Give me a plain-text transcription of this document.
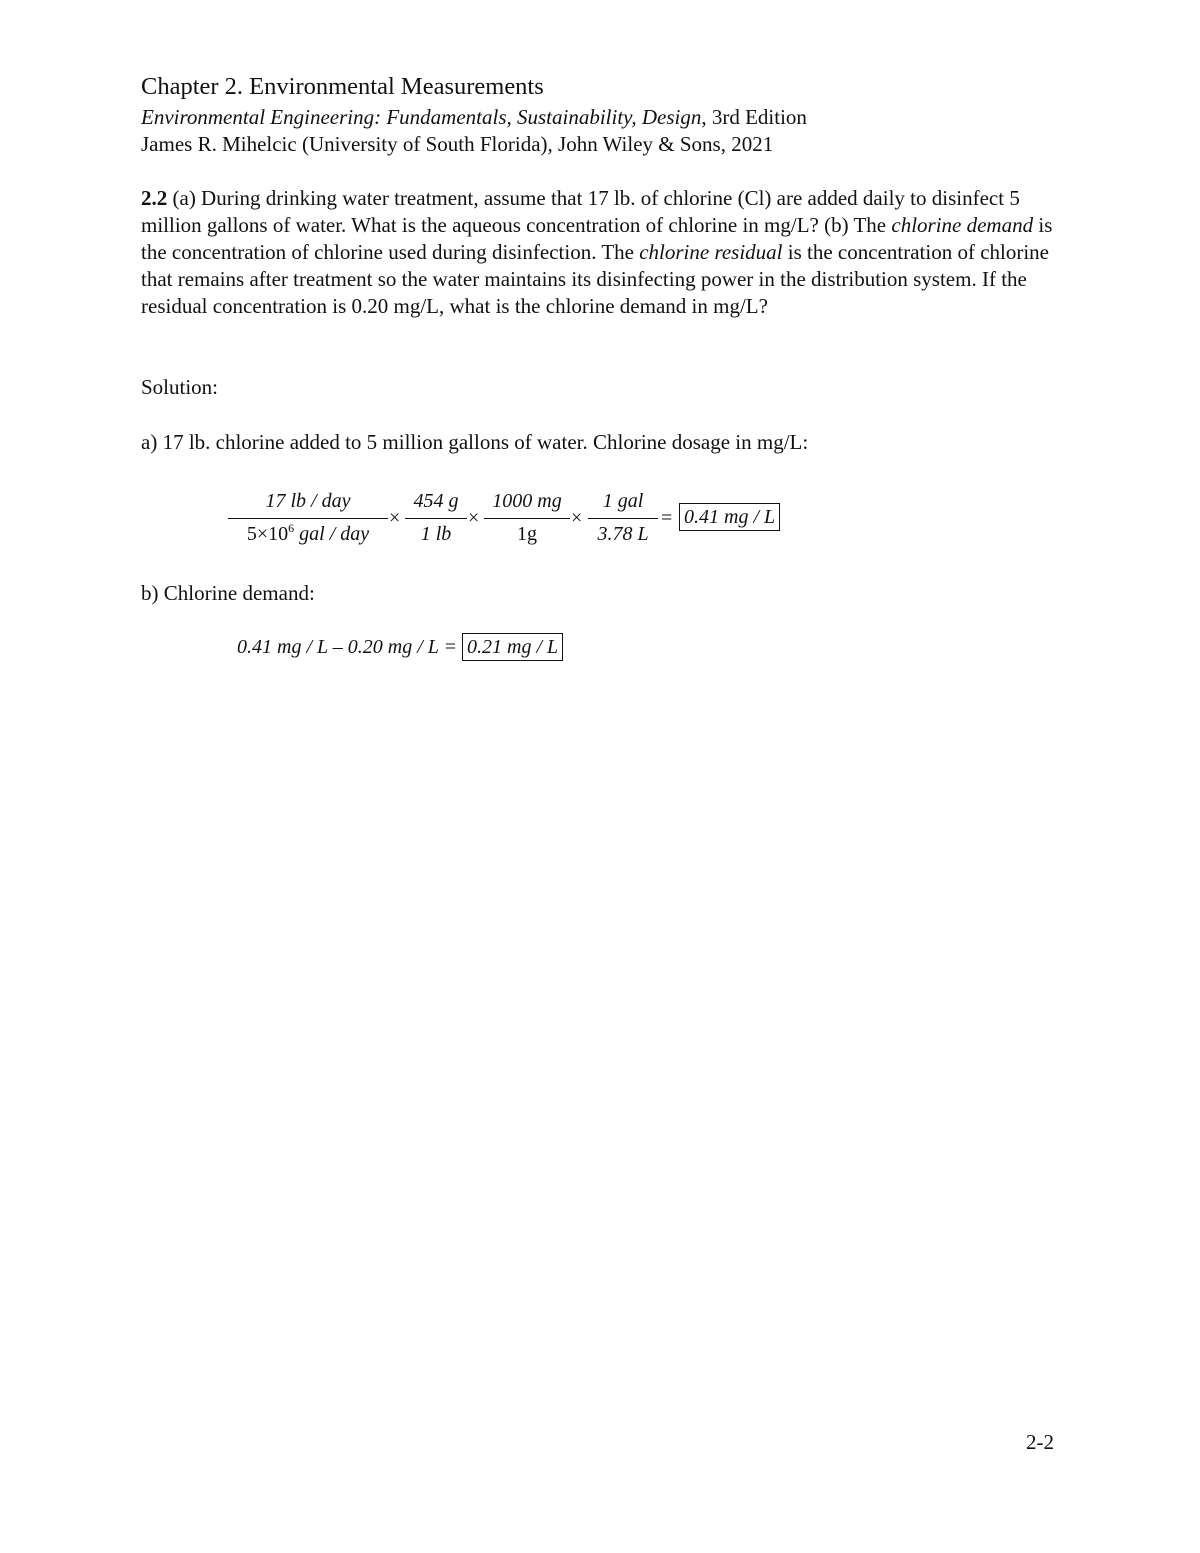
Chapter 2. Environmental Measurements
Environmental Engineering: Fundamentals, Sustainability, Design, 3rd Edition
James R. Mihelcic (University of South Florida), John Wiley & Sons, 2021

2.2 (a) During drinking water treatment, assume that 17 lb. of chlorine (Cl) are added daily to disinfect 5 million gallons of water. What is the aqueous concentration of chlorine in mg/L? (b) The chlorine demand is the concentration of chlorine used during disinfection. The chlorine residual is the concentration of chlorine that remains after treatment so the water maintains its disinfecting power in the distribution system. If the residual concentration is 0.20 mg/L, what is the chlorine demand in mg/L?

Solution:
a) 17 lb. chlorine added to 5 million gallons of water. Chlorine dosage in mg/L:
17 lb / day
$5\times 10^6$ gal / day
×
454 g
1 lb
×
1000 mg
1g
×
1 gal
3.78 L
= 0.41 mg / L
b) Chlorine demand:
0.41 mg / L – 0.20 mg / L = 0.21 mg / L
2-2
